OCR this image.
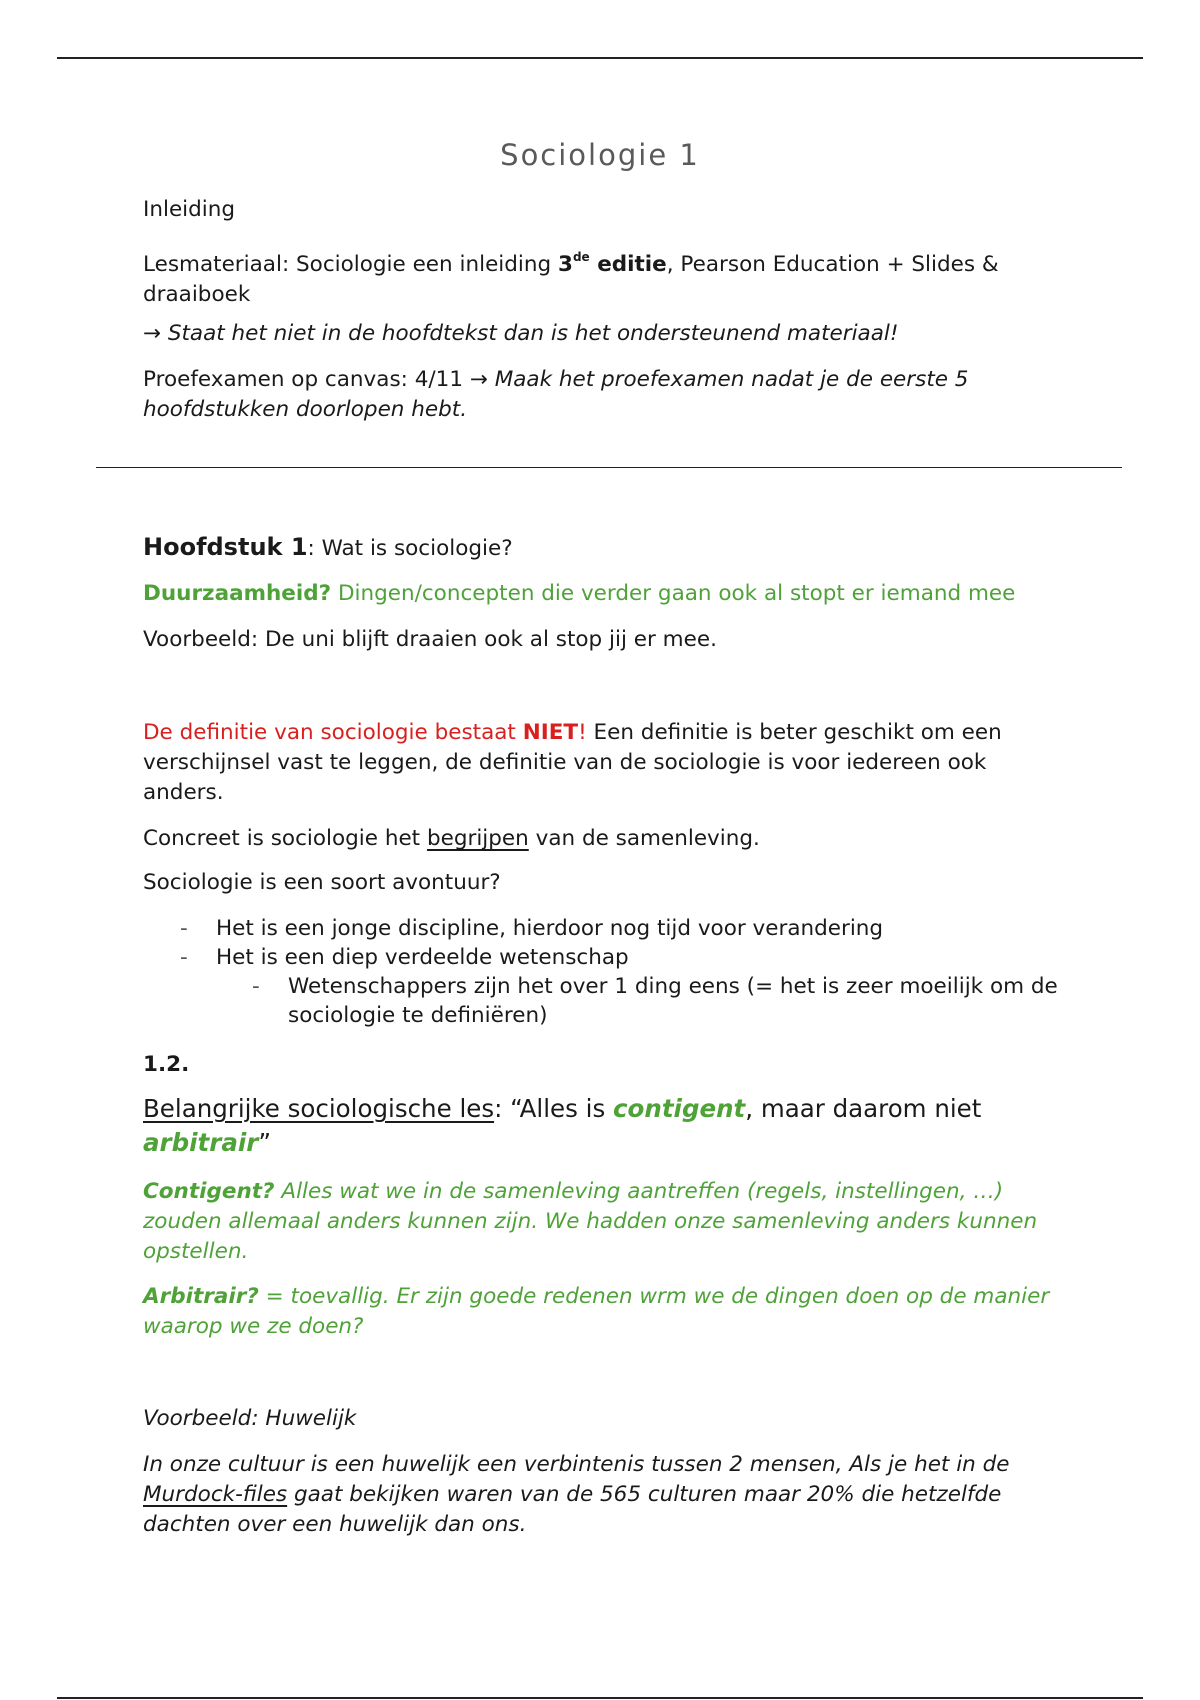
Sociologie 1
Inleiding
Lesmateriaal: Sociologie een inleiding 3de editie, Pearson Education + Slides & draaiboek
→ Staat het niet in de hoofdtekst dan is het ondersteunend materiaal!
Proefexamen op canvas: 4/11 → Maak het proefexamen nadat je de eerste 5 hoofdstukken doorlopen hebt.
Hoofdstuk 1: Wat is sociologie?
Duurzaamheid? Dingen/concepten die verder gaan ook al stopt er iemand mee
Voorbeeld: De uni blijft draaien ook al stop jij er mee.
De definitie van sociologie bestaat NIET! Een definitie is beter geschikt om een verschijnsel vast te leggen, de definitie van de sociologie is voor iedereen ook anders.
Concreet is sociologie het begrijpen van de samenleving.
Sociologie is een soort avontuur?
- Het is een jonge discipline, hierdoor nog tijd voor verandering
- Het is een diep verdeelde wetenschap
- Wetenschappers zijn het over 1 ding eens (= het is zeer moeilijk om de sociologie te definiëren)
1.2.
Belangrijke sociologische les: “Alles is contigent, maar daarom niet arbitrair”
Contigent? Alles wat we in de samenleving aantreffen (regels, instellingen, …) zouden allemaal anders kunnen zijn. We hadden onze samenleving anders kunnen opstellen.
Arbitrair? = toevallig. Er zijn goede redenen wrm we de dingen doen op de manier waarop we ze doen?
Voorbeeld: Huwelijk
In onze cultuur is een huwelijk een verbintenis tussen 2 mensen, Als je het in de Murdock-files gaat bekijken waren van de 565 culturen maar 20% die hetzelfde dachten over een huwelijk dan ons.
